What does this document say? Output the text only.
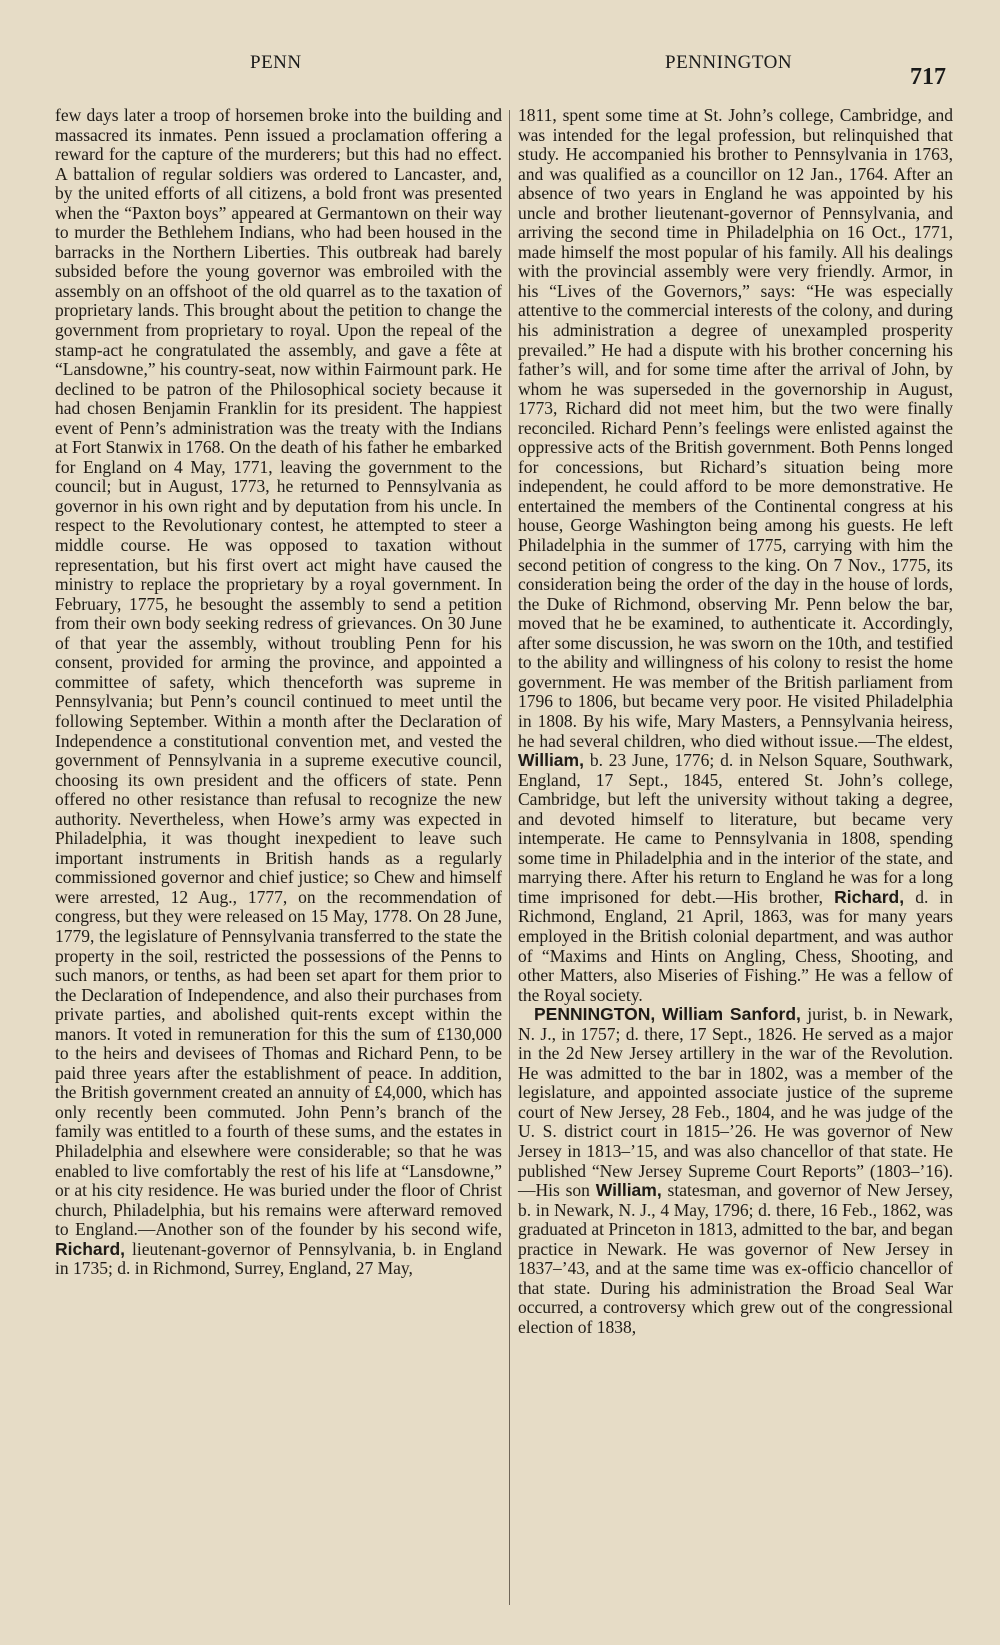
PENN	PENNINGTON
717

few days later a troop of horsemen broke into the building and massacred its inmates. Penn issued a proclamation offering a reward for the capture of the murderers; but this had no effect. A battalion of regular soldiers was ordered to Lancaster, and, by the united efforts of all citizens, a bold front was presented when the “Paxton boys” appeared at Germantown on their way to murder the Bethlehem Indians, who had been housed in the barracks in the Northern Liberties. This outbreak had barely subsided before the young governor was embroiled with the assembly on an offshoot of the old quarrel as to the taxation of proprietary lands. This brought about the petition to change the government from proprietary to royal. Upon the repeal of the stamp-act he congratulated the assembly, and gave a fête at “Lansdowne,” his country-seat, now within Fairmount park. He declined to be patron of the Philosophical society because it had chosen Benjamin Franklin for its president. The happiest event of Penn’s administration was the treaty with the Indians at Fort Stanwix in 1768. On the death of his father he embarked for England on 4 May, 1771, leaving the government to the council; but in August, 1773, he returned to Pennsylvania as governor in his own right and by deputation from his uncle. In respect to the Revolutionary contest, he attempted to steer a middle course. He was opposed to taxation without representation, but his first overt act might have caused the ministry to replace the proprietary by a royal government. In February, 1775, he besought the assembly to send a petition from their own body seeking redress of grievances. On 30 June of that year the assembly, without troubling Penn for his consent, provided for arming the province, and appointed a committee of safety, which thenceforth was supreme in Pennsylvania; but Penn’s council continued to meet until the following September. Within a month after the Declaration of Independence a constitutional convention met, and vested the government of Pennsylvania in a supreme executive council, choosing its own president and the officers of state. Penn offered no other resistance than refusal to recognize the new authority. Nevertheless, when Howe’s army was expected in Philadelphia, it was thought inexpedient to leave such important instruments in British hands as a regularly commissioned governor and chief justice; so Chew and himself were arrested, 12 Aug., 1777, on the recommendation of congress, but they were released on 15 May, 1778. On 28 June, 1779, the legislature of Pennsylvania transferred to the state the property in the soil, restricted the possessions of the Penns to such manors, or tenths, as had been set apart for them prior to the Declaration of Independence, and also their purchases from private parties, and abolished quit-rents except within the manors. It voted in remuneration for this the sum of £130,000 to the heirs and devisees of Thomas and Richard Penn, to be paid three years after the establishment of peace. In addition, the British government created an annuity of £4,000, which has only recently been commuted. John Penn’s branch of the family was entitled to a fourth of these sums, and the estates in Philadelphia and elsewhere were considerable; so that he was enabled to live comfortably the rest of his life at “Lansdowne,” or at his city residence. He was buried under the floor of Christ church, Philadelphia, but his remains were afterward removed to England.—Another son of the founder by his second wife, Richard, lieutenant-governor of Pennsylvania, b. in England in 1735; d. in Richmond, Surrey, England, 27 May,

1811, spent some time at St. John’s college, Cambridge, and was intended for the legal profession, but relinquished that study. He accompanied his brother to Pennsylvania in 1763, and was qualified as a councillor on 12 Jan., 1764. After an absence of two years in England he was appointed by his uncle and brother lieutenant-governor of Pennsylvania, and arriving the second time in Philadelphia on 16 Oct., 1771, made himself the most popular of his family. All his dealings with the provincial assembly were very friendly. Armor, in his “Lives of the Governors,” says: “He was especially attentive to the commercial interests of the colony, and during his administration a degree of unexampled prosperity prevailed.” He had a dispute with his brother concerning his father’s will, and for some time after the arrival of John, by whom he was superseded in the governorship in August, 1773, Richard did not meet him, but the two were finally reconciled. Richard Penn’s feelings were enlisted against the oppressive acts of the British government. Both Penns longed for concessions, but Richard’s situation being more independent, he could afford to be more demonstrative. He entertained the members of the Continental congress at his house, George Washington being among his guests. He left Philadelphia in the summer of 1775, carrying with him the second petition of congress to the king. On 7 Nov., 1775, its consideration being the order of the day in the house of lords, the Duke of Richmond, observing Mr. Penn below the bar, moved that he be examined, to authenticate it. Accordingly, after some discussion, he was sworn on the 10th, and testified to the ability and willingness of his colony to resist the home government. He was member of the British parliament from 1796 to 1806, but became very poor. He visited Philadelphia in 1808. By his wife, Mary Masters, a Pennsylvania heiress, he had several children, who died without issue.—The eldest, William, b. 23 June, 1776; d. in Nelson Square, Southwark, England, 17 Sept., 1845, entered St. John’s college, Cambridge, but left the university without taking a degree, and devoted himself to literature, but became very intemperate. He came to Pennsylvania in 1808, spending some time in Philadelphia and in the interior of the state, and marrying there. After his return to England he was for a long time imprisoned for debt.—His brother, Richard, d. in Richmond, England, 21 April, 1863, was for many years employed in the British colonial department, and was author of “Maxims and Hints on Angling, Chess, Shooting, and other Matters, also Miseries of Fishing.” He was a fellow of the Royal society.

PENNINGTON, William Sanford, jurist, b. in Newark, N. J., in 1757; d. there, 17 Sept., 1826. He served as a major in the 2d New Jersey artillery in the war of the Revolution. He was admitted to the bar in 1802, was a member of the legislature, and appointed associate justice of the supreme court of New Jersey, 28 Feb., 1804, and he was judge of the U. S. district court in 1815–’26. He was governor of New Jersey in 1813–’15, and was also chancellor of that state. He published “New Jersey Supreme Court Reports” (1803–’16).—His son William, statesman, and governor of New Jersey, b. in Newark, N. J., 4 May, 1796; d. there, 16 Feb., 1862, was graduated at Princeton in 1813, admitted to the bar, and began practice in Newark. He was governor of New Jersey in 1837–’43, and at the same time was ex-officio chancellor of that state. During his administration the Broad Seal War occurred, a controversy which grew out of the congressional election of 1838,
